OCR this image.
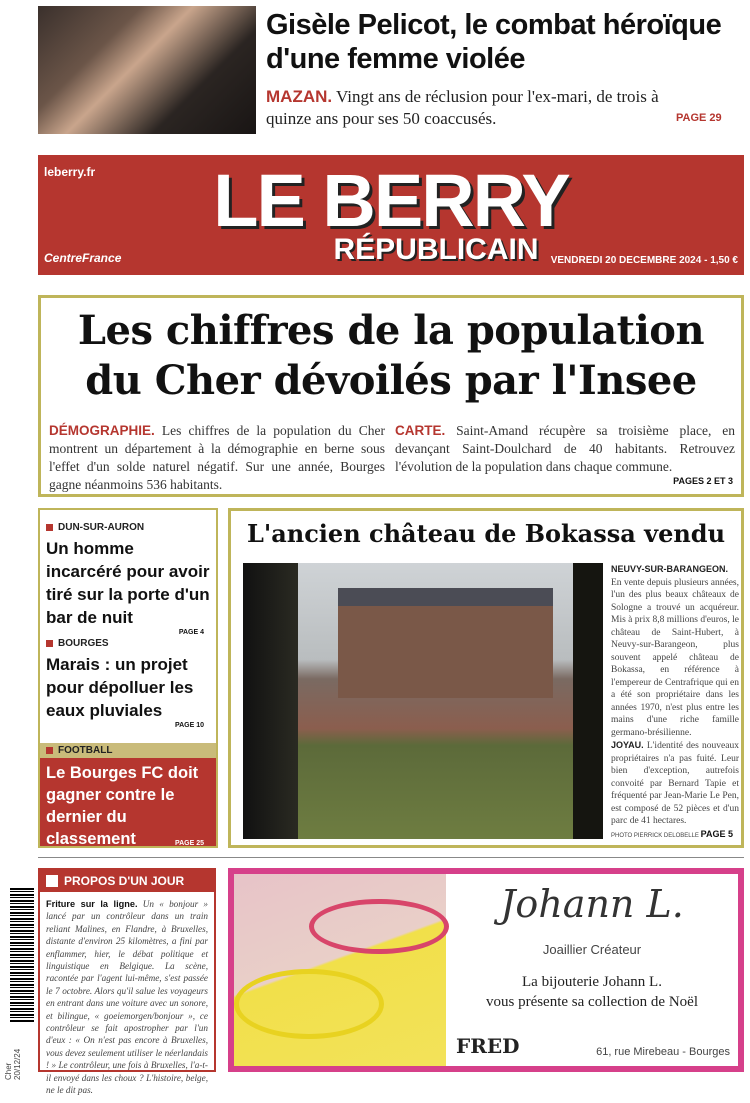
Gisèle Pelicot, le combat héroïque d'une femme violée
MAZAN. Vingt ans de réclusion pour l'ex-mari, de trois à quinze ans pour ses 50 coaccusés.	PAGE 29
leberry.fr	LE BERRY
RÉPUBLICAIN
CentreFrance	VENDREDI 20 DECEMBRE 2024 - 1,50 €
Les chiffres de la population du Cher dévoilés par l'Insee
DÉMOGRAPHIE. Les chiffres de la population du Cher montrent un département à la démographie en berne sous l'effet d'un solde naturel négatif. Sur une année, Bourges gagne néanmoins 536 habitants.
CARTE. Saint-Amand récupère sa troisième place, en devançant Saint-Doulchard de 40 habitants. Retrouvez l'évolution de la population dans chaque commune.
PAGES 2 ET 3
DUN-SUR-AURON
Un homme incarcéré pour avoir tiré sur la porte d'un bar de nuit
PAGE 4
BOURGES
Marais : un projet pour dépolluer les eaux pluviales
PAGE 10
FOOTBALL
Le Bourges FC doit gagner contre le dernier du classement	PAGE 25
L'ancien château de Bokassa vendu
NEUVY-SUR-BARANGEON. En vente depuis plusieurs années, l'un des plus beaux châteaux de Sologne a trouvé un acquéreur. Mis à prix 8,8 millions d'euros, le château de Saint-Hubert, à Neuvy-sur-Barangeon, plus souvent appelé château de Bokassa, en référence à l'empereur de Centrafrique qui en a été son propriétaire dans les années 1970, n'est plus entre les mains d'une riche famille germano-brésilienne.
JOYAU. L'identité des nouveaux propriétaires n'a pas fuité. Leur bien d'exception, autrefois convoité par Bernard Tapie et fréquenté par Jean-Marie Le Pen, est composé de 52 pièces et d'un parc de 41 hectares.
PHOTO PIERRICK DELOBELLE PAGE 5
Cher 20/12/24
PROPOS D'UN JOUR
Friture sur la ligne. Un « bonjour » lancé par un contrôleur dans un train reliant Malines, en Flandre, à Bruxelles, distante d'environ 25 kilomètres, a fini par enflammer, hier, le débat politique et linguistique en Belgique. La scène, racontée par l'agent lui-même, s'est passée le 7 octobre. Alors qu'il salue les voyageurs en entrant dans une voiture avec un sonore, et bilingue, « goeiemorgen/bonjour », ce contrôleur se fait apostropher par l'un d'eux : « On n'est pas encore à Bruxelles, vous devez seulement utiliser le néerlandais ! » Le contrôleur, une fois à Bruxelles, l'a-t-il envoyé dans les choux ? L'histoire, belge, ne le dit pas.
Johann L.
Joaillier Créateur
La bijouterie Johann L.
vous présente sa collection de Noël
FRED	61, rue Mirebeau - Bourges
